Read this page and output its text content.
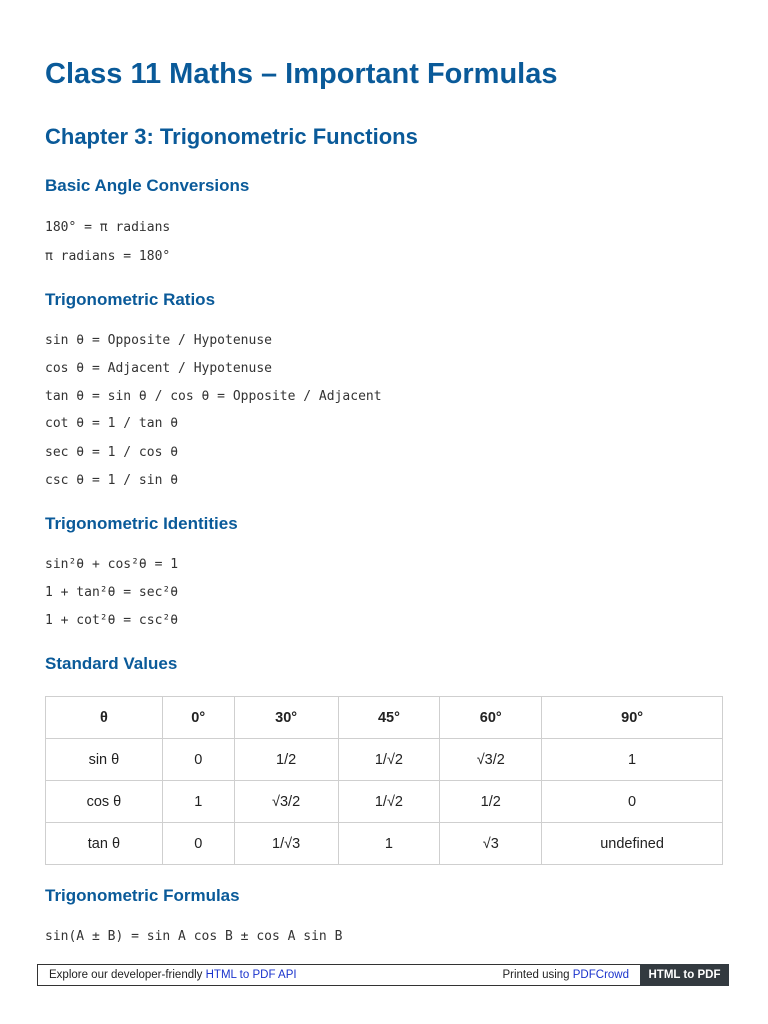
Class 11 Maths – Important Formulas
Chapter 3: Trigonometric Functions
Basic Angle Conversions
180° = π radians
π radians = 180°
Trigonometric Ratios
sin θ = Opposite / Hypotenuse
cos θ = Adjacent / Hypotenuse
tan θ = sin θ / cos θ = Opposite / Adjacent
cot θ = 1 / tan θ
sec θ = 1 / cos θ
csc θ = 1 / sin θ
Trigonometric Identities
sin²θ + cos²θ = 1
1 + tan²θ = sec²θ
1 + cot²θ = csc²θ
Standard Values
θ	0°	30°	45°	60°	90°
sin θ	0	1/2	1/√2	√3/2	1
cos θ	1	√3/2	1/√2	1/2	0
tan θ	0	1/√3	1	√3	undefined
Trigonometric Formulas
sin(A ± B) = sin A cos B ± cos A sin B
Explore our developer-friendly HTML to PDF API	Printed using PDFCrowd	HTML to PDF
